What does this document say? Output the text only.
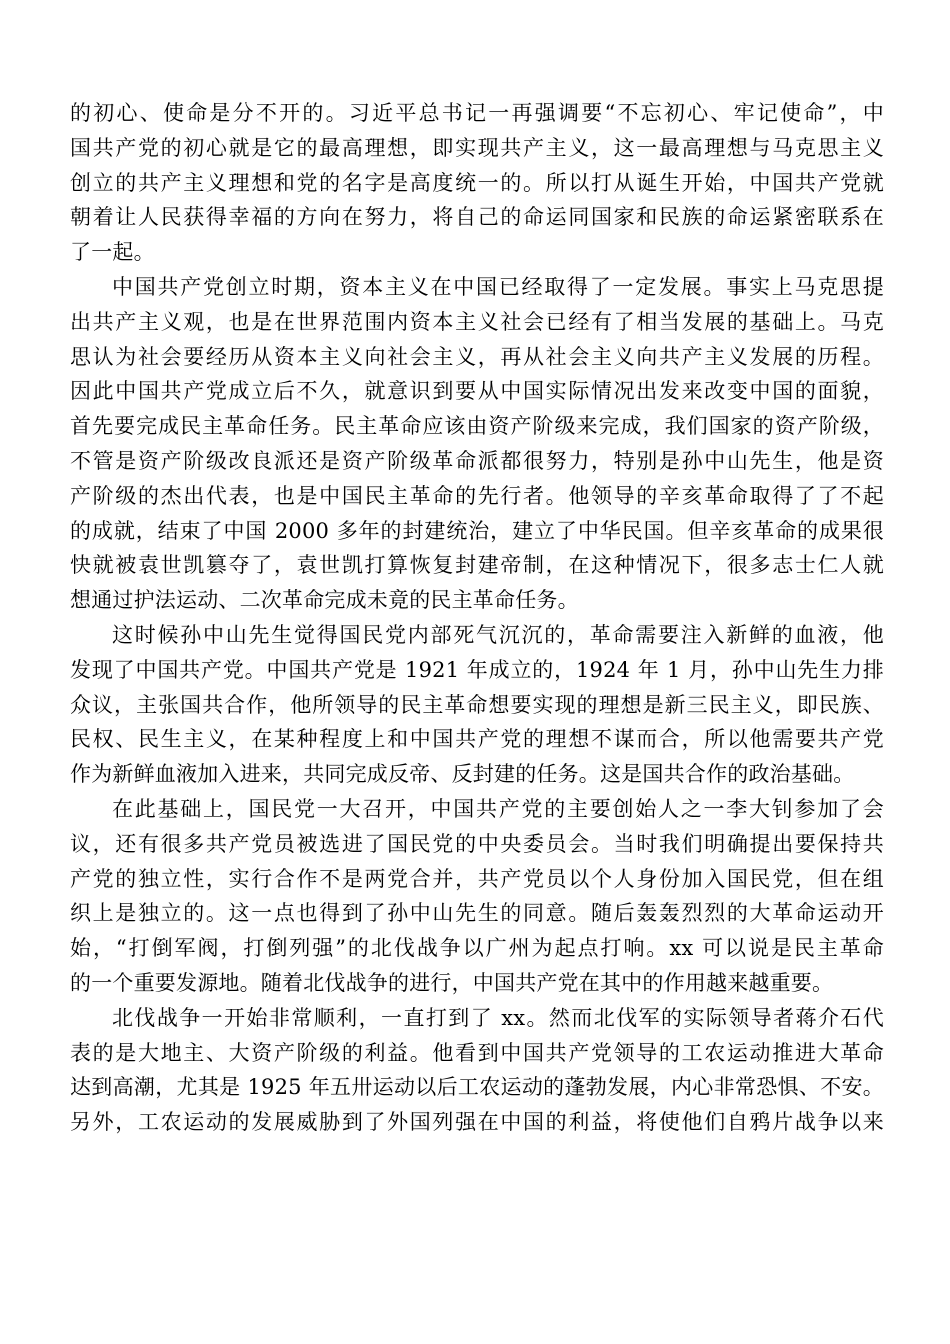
的初心、使命是分不开的。习近平总书记一再强调要“不忘初心、牢记使命”，中
国共产党的初心就是它的最高理想，即实现共产主义，这一最高理想与马克思主义
创立的共产主义理想和党的名字是高度统一的。所以打从诞生开始，中国共产党就
朝着让人民获得幸福的方向在努力，将自己的命运同国家和民族的命运紧密联系在
了一起。
中国共产党创立时期，资本主义在中国已经取得了一定发展。事实上马克思提
出共产主义观，也是在世界范围内资本主义社会已经有了相当发展的基础上。马克
思认为社会要经历从资本主义向社会主义，再从社会主义向共产主义发展的历程。
因此中国共产党成立后不久，就意识到要从中国实际情况出发来改变中国的面貌，
首先要完成民主革命任务。民主革命应该由资产阶级来完成，我们国家的资产阶级，
不管是资产阶级改良派还是资产阶级革命派都很努力，特别是孙中山先生，他是资
产阶级的杰出代表，也是中国民主革命的先行者。他领导的辛亥革命取得了了不起
的成就，结束了中国 2000 多年的封建统治，建立了中华民国。但辛亥革命的成果很
快就被袁世凯篡夺了，袁世凯打算恢复封建帝制，在这种情况下，很多志士仁人就
想通过护法运动、二次革命完成未竟的民主革命任务。
这时候孙中山先生觉得国民党内部死气沉沉的，革命需要注入新鲜的血液，他
发现了中国共产党。中国共产党是 1921 年成立的，1924 年 1 月，孙中山先生力排
众议，主张国共合作，他所领导的民主革命想要实现的理想是新三民主义，即民族、
民权、民生主义，在某种程度上和中国共产党的理想不谋而合，所以他需要共产党
作为新鲜血液加入进来，共同完成反帝、反封建的任务。这是国共合作的政治基础。
在此基础上，国民党一大召开，中国共产党的主要创始人之一李大钊参加了会
议，还有很多共产党员被选进了国民党的中央委员会。当时我们明确提出要保持共
产党的独立性，实行合作不是两党合并，共产党员以个人身份加入国民党，但在组
织上是独立的。这一点也得到了孙中山先生的同意。随后轰轰烈烈的大革命运动开
始，“打倒军阀，打倒列强”的北伐战争以广州为起点打响。xx 可以说是民主革命
的一个重要发源地。随着北伐战争的进行，中国共产党在其中的作用越来越重要。
北伐战争一开始非常顺利，一直打到了 xx。然而北伐军的实际领导者蒋介石代
表的是大地主、大资产阶级的利益。他看到中国共产党领导的工农运动推进大革命
达到高潮，尤其是 1925 年五卅运动以后工农运动的蓬勃发展，内心非常恐惧、不安。
另外，工农运动的发展威胁到了外国列强在中国的利益，将使他们自鸦片战争以来
